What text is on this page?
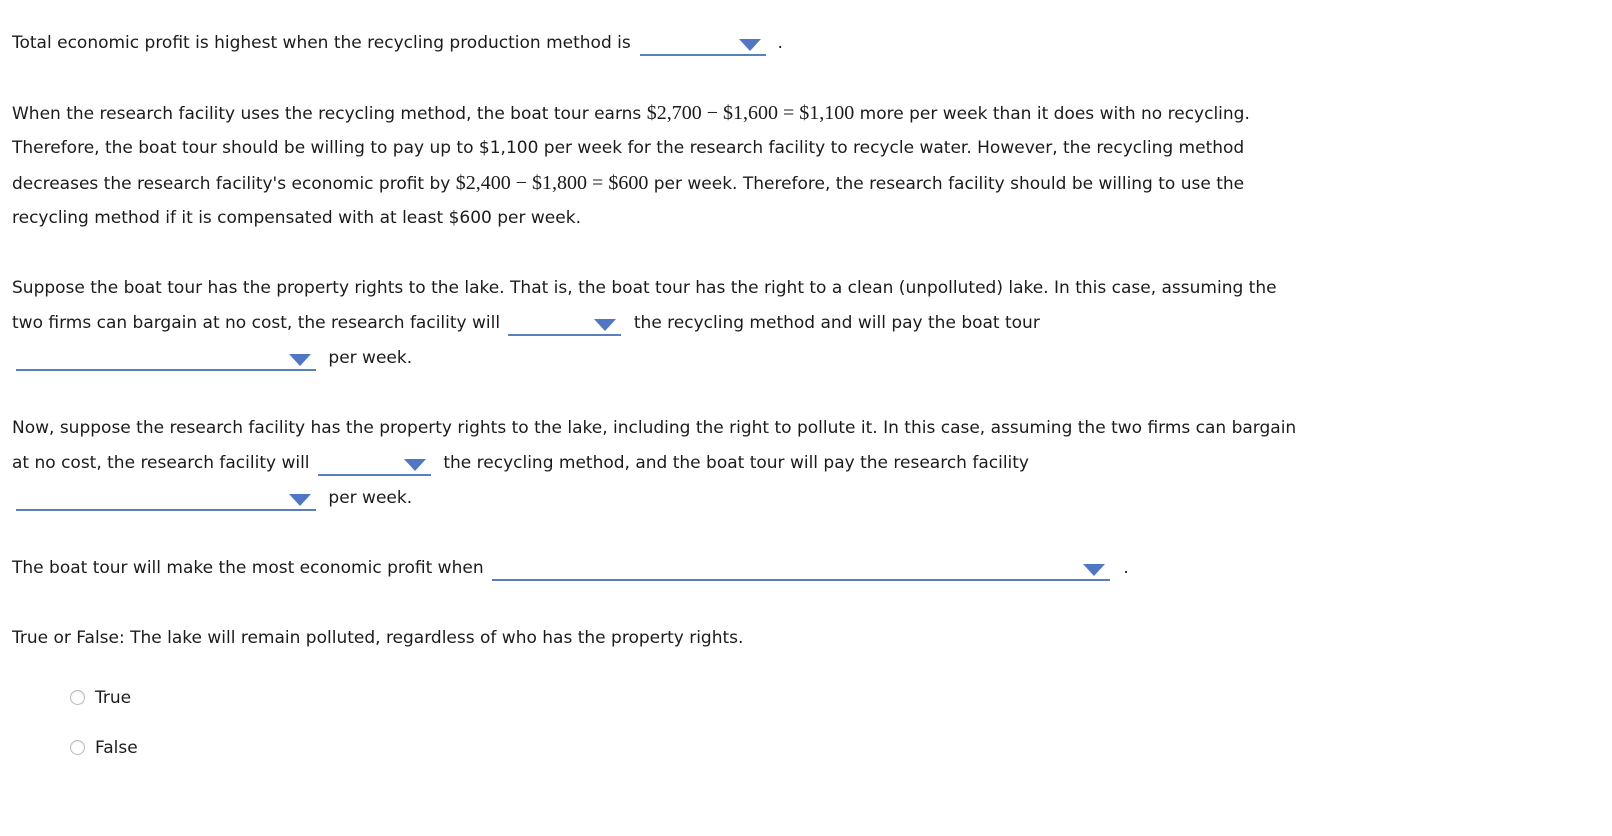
Total economic profit is highest when the recycling production method is	.
When the research facility uses the recycling method, the boat tour earns $2,700 − $1,600 = $1,100 more per week than it does with no recycling.
Therefore, the boat tour should be willing to pay up to $1,100 per week for the research facility to recycle water. However, the recycling method
decreases the research facility's economic profit by $2,400 − $1,800 = $600 per week. Therefore, the research facility should be willing to use the
recycling method if it is compensated with at least $600 per week.
Suppose the boat tour has the property rights to the lake. That is, the boat tour has the right to a clean (unpolluted) lake. In this case, assuming the
two firms can bargain at no cost, the research facility will	the recycling method and will pay the boat tour
per week.
Now, suppose the research facility has the property rights to the lake, including the right to pollute it. In this case, assuming the two firms can bargain
at no cost, the research facility will	the recycling method, and the boat tour will pay the research facility
per week.
The boat tour will make the most economic profit when	.
True or False: The lake will remain polluted, regardless of who has the property rights.
True
False
